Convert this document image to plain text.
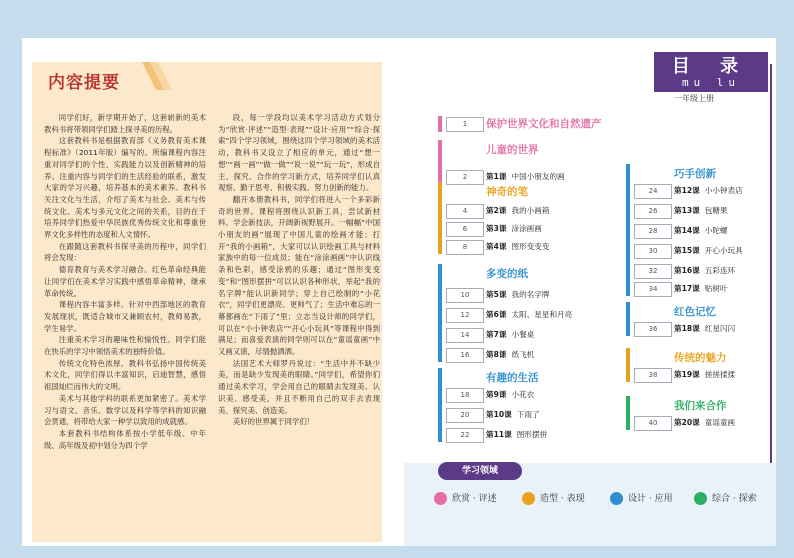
内容提要

同学们好，新学期开始了，这套崭新的美术教科书将带领同学们踏上探寻美的历程。

这套教科书是根据教育部《义务教育美术课程标准》（2011年版）编写的。所编课程内容注重对同学们的个性、实践能力以及创新精神的培养。注重内容与同学们的生活经验的联系，激发大家的学习兴趣，培养基本的美术素养。教科书关注文化与生活，介绍了美术与社会、美术与传统文化、美术与多元文化之间的关系，目的在于培养同学们热爱中华民族优秀传统文化和尊重世界文化多样性的态度和人文情怀。

在跟随这套教科书探寻美的历程中，同学们将会发现：

德育教育与美术学习融合。红色革命经典能让同学们在美术学习实践中感悟革命精神，继承革命传统。

课程内容丰富多样。针对中西部地区的教育发展现状，既适合城市又兼顾农村，教师易教，学生易学。

注重美术学习的趣味性和愉悦性。同学们能在快乐的学习中领悟美术的独特价值。

传统文化特色浓厚。教科书弘扬中国传统美术文化，同学们得以丰富知识，启迪智慧，感悟祖国灿烂而伟大的文明。

美术与其他学科的联系更加紧密了。美术学习与语文、音乐、数学以及科学等学科的知识融会贯通，将带给大家一种学以致用的成就感。

本套教科书结构体系按小学低年级、中年级、高年级及初中划分为四个学

段，每一学段均以美术学习活动方式划分为“欣赏·评述”“造型·表现”“设计·应用”“综合·探索”四个学习领域，围绕这四个学习领域的美术活动，教科书又设立了相应的单元，通过“想一想”“画一画”“做一做”“说一说”“玩一玩”，形成自主、探究、合作的学习新方式，培养同学们认真观察、勤于思考、积极实践、努力创新的能力。

翻开本册教科书，同学们将进入一个多彩新奇的世界。课程将围绕认识新工具，尝试新材料、学会新技法，开阔新视野展开。一幅幅“中国小朋友的画”展现了中国儿童的绘画才能；打开“我的小画箱”，大家可以认识绘画工具与材料家族中的每一位成员；能在“涂涂画画”中认识线条和色彩，感受涂鸦的乐趣；通过“图形变变变”和“图形摆拼”可以认识各种形状，举起“我的名字牌”能认识新同学；穿上自己绘制的“小花衣”，同学们更漂亮、更帅气了；生活中难忘的一幕都画在“下雨了”里；立志当设计师的同学们，可以在“小小钟表店”“开心小玩具”等课程中得到满足；而喜爱表演的同学则可以在“童谣童画”中又画又演，尽情抛洒洒。

法国艺术大师罗丹说过：“生活中并不缺少美，而是缺少发现美的眼睛。”同学们，希望你们通过美术学习，学会用自己的眼睛去发现美、认识美、感受美，并且不断用自己的双手去表现美、探究美、创造美。

美好的世界属于同学们！

目 录
mu lu
一年级上册
学习领域
1	保护世界文化和自然遗产
儿童的世界
2	第1课 中国小朋友的画
神奇的笔
4	第2课 我的小画箱
6	第3课 涂涂画画
8	第4课 图形变变变
多变的纸
10	第5课 我的名字牌
12	第6课 太阳、星星和月亮
14	第7课 小餐桌
16	第8课 纸飞机
有趣的生活
18	第9课 小花衣
20	第10课 下雨了
22	第11课 图形摆拼
巧手创新
24	第12课 小小钟表店
26	第13课 包糖果
28	第14课 小陀螺
30	第15课 开心小玩具
32	第16课 五彩连环
34	第17课 贴树叶
红色记忆
36	第18课 红星闪闪
传统的魅力
38	第19课 搓搓揉揉
我们来合作
40	第20课 童谣童画
欣赏 · 评述	造型 · 表现	设计 · 应用	综合 · 探索
